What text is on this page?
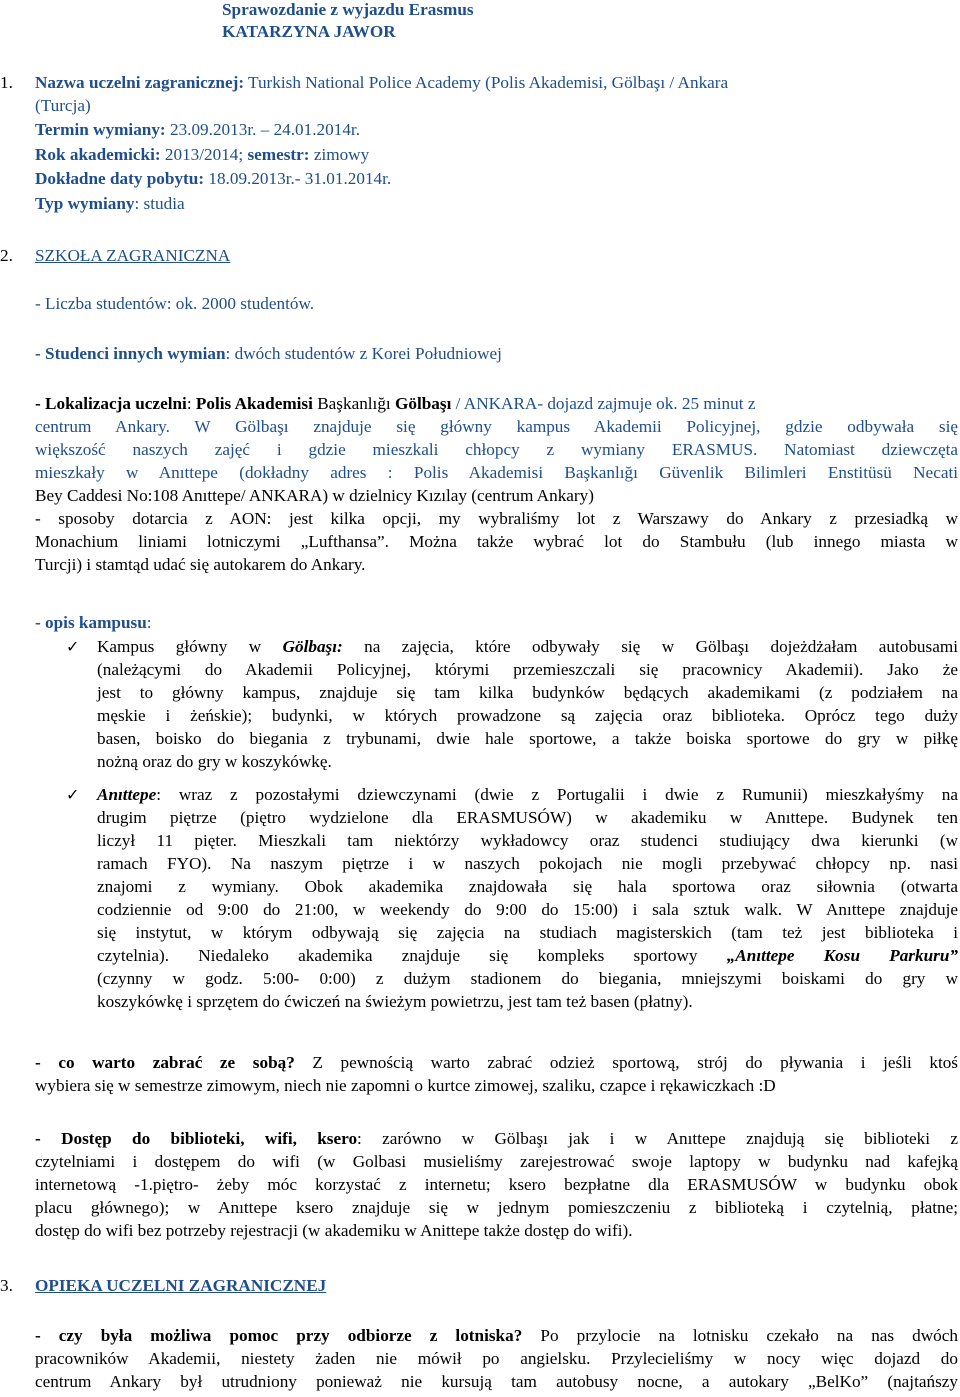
Sprawozdanie z wyjazdu Erasmus
KATARZYNA JAWOR
1. Nazwa uczelni zagranicznej: Turkish National Police Academy (Polis Akademisi, Gölbaşı / Ankara
(Turcja)
Termin wymiany: 23.09.2013r. – 24.01.2014r.
Rok akademicki: 2013/2014; semestr: zimowy
Dokładne daty pobytu: 18.09.2013r.- 31.01.2014r.
Typ wymiany: studia
2. SZKOŁA ZAGRANICZNA
- Liczba studentów: ok. 2000 studentów.
- Studenci innych wymian: dwóch studentów z Korei Południowej
- Lokalizacja uczelni: Polis Akademisi Başkanlığı Gölbaşı / ANKARA- dojazd zajmuje ok. 25 minut z
centrum Ankary. W Gölbaşı znajduje się główny kampus Akademii Policyjnej, gdzie odbywała się
większość naszych zajęć i gdzie mieszkali chłopcy z wymiany ERASMUS. Natomiast dziewczęta
mieszkały w Anıttepe (dokładny adres : Polis Akademisi Başkanlığı Güvenlik Bilimleri Enstitüsü Necati
Bey Caddesi No:108 Anıttepe/ ANKARA) w dzielnicy Kızılay (centrum Ankary)
- sposoby dotarcia z AON: jest kilka opcji, my wybraliśmy lot z Warszawy do Ankary z przesiadką w
Monachium liniami lotniczymi „Lufthansa”. Można także wybrać lot do Stambułu (lub innego miasta w
Turcji) i stamtąd udać się autokarem do Ankary.
- opis kampusu:
✓ Kampus główny w Gölbaşı: na zajęcia, które odbywały się w Gölbaşı dojeżdżałam autobusami
(należącymi do Akademii Policyjnej, którymi przemieszczali się pracownicy Akademii). Jako że
jest to główny kampus, znajduje się tam kilka budynków będących akademikami (z podziałem na
męskie i żeńskie); budynki, w których prowadzone są zajęcia oraz biblioteka. Oprócz tego duży
basen, boisko do biegania z trybunami, dwie hale sportowe, a także boiska sportowe do gry w piłkę
nożną oraz do gry w koszykówkę.
✓ Anıttepe: wraz z pozostałymi dziewczynami (dwie z Portugalii i dwie z Rumunii) mieszkałyśmy na
drugim piętrze (piętro wydzielone dla ERASMUSÓW) w akademiku w Anıttepe. Budynek ten
liczył 11 pięter. Mieszkali tam niektórzy wykładowcy oraz studenci studiujący dwa kierunki (w
ramach FYO). Na naszym piętrze i w naszych pokojach nie mogli przebywać chłopcy np. nasi
znajomi z wymiany. Obok akademika znajdowała się hala sportowa oraz siłownia (otwarta
codziennie od 9:00 do 21:00, w weekendy do 9:00 do 15:00) i sala sztuk walk. W Anıttepe znajduje
się instytut, w którym odbywają się zajęcia na studiach magisterskich (tam też jest biblioteka i
czytelnia). Niedaleko akademika znajduje się kompleks sportowy „Anıttepe Kosu Parkuru”
(czynny w godz. 5:00- 0:00) z dużym stadionem do biegania, mniejszymi boiskami do gry w
koszykówkę i sprzętem do ćwiczeń na świeżym powietrzu, jest tam też basen (płatny).
- co warto zabrać ze sobą? Z pewnością warto zabrać odzież sportową, strój do pływania i jeśli ktoś
wybiera się w semestrze zimowym, niech nie zapomni o kurtce zimowej, szaliku, czapce i rękawiczkach :D
- Dostęp do biblioteki, wifi, ksero: zarówno w Gölbaşı jak i w Anıttepe znajdują się biblioteki z
czytelniami i dostępem do wifi (w Golbasi musieliśmy zarejestrować swoje laptopy w budynku nad kafejką
internetową -1.piętro- żeby móc korzystać z internetu; ksero bezpłatne dla ERASMUSÓW w budynku obok
placu głównego); w Anıttepe ksero znajduje się w jednym pomieszczeniu z biblioteką i czytelnią, płatne;
dostęp do wifi bez potrzeby rejestracji (w akademiku w Anittepe także dostęp do wifi).
3. OPIEKA UCZELNI ZAGRANICZNEJ
- czy była możliwa pomoc przy odbiorze z lotniska? Po przylocie na lotnisku czekało na nas dwóch
pracowników Akademii, niestety żaden nie mówił po angielsku. Przylecieliśmy w nocy więc dojazd do
centrum Ankary był utrudniony ponieważ nie kursują tam autobusy nocne, a autokary „BelKo” (najtańszy
